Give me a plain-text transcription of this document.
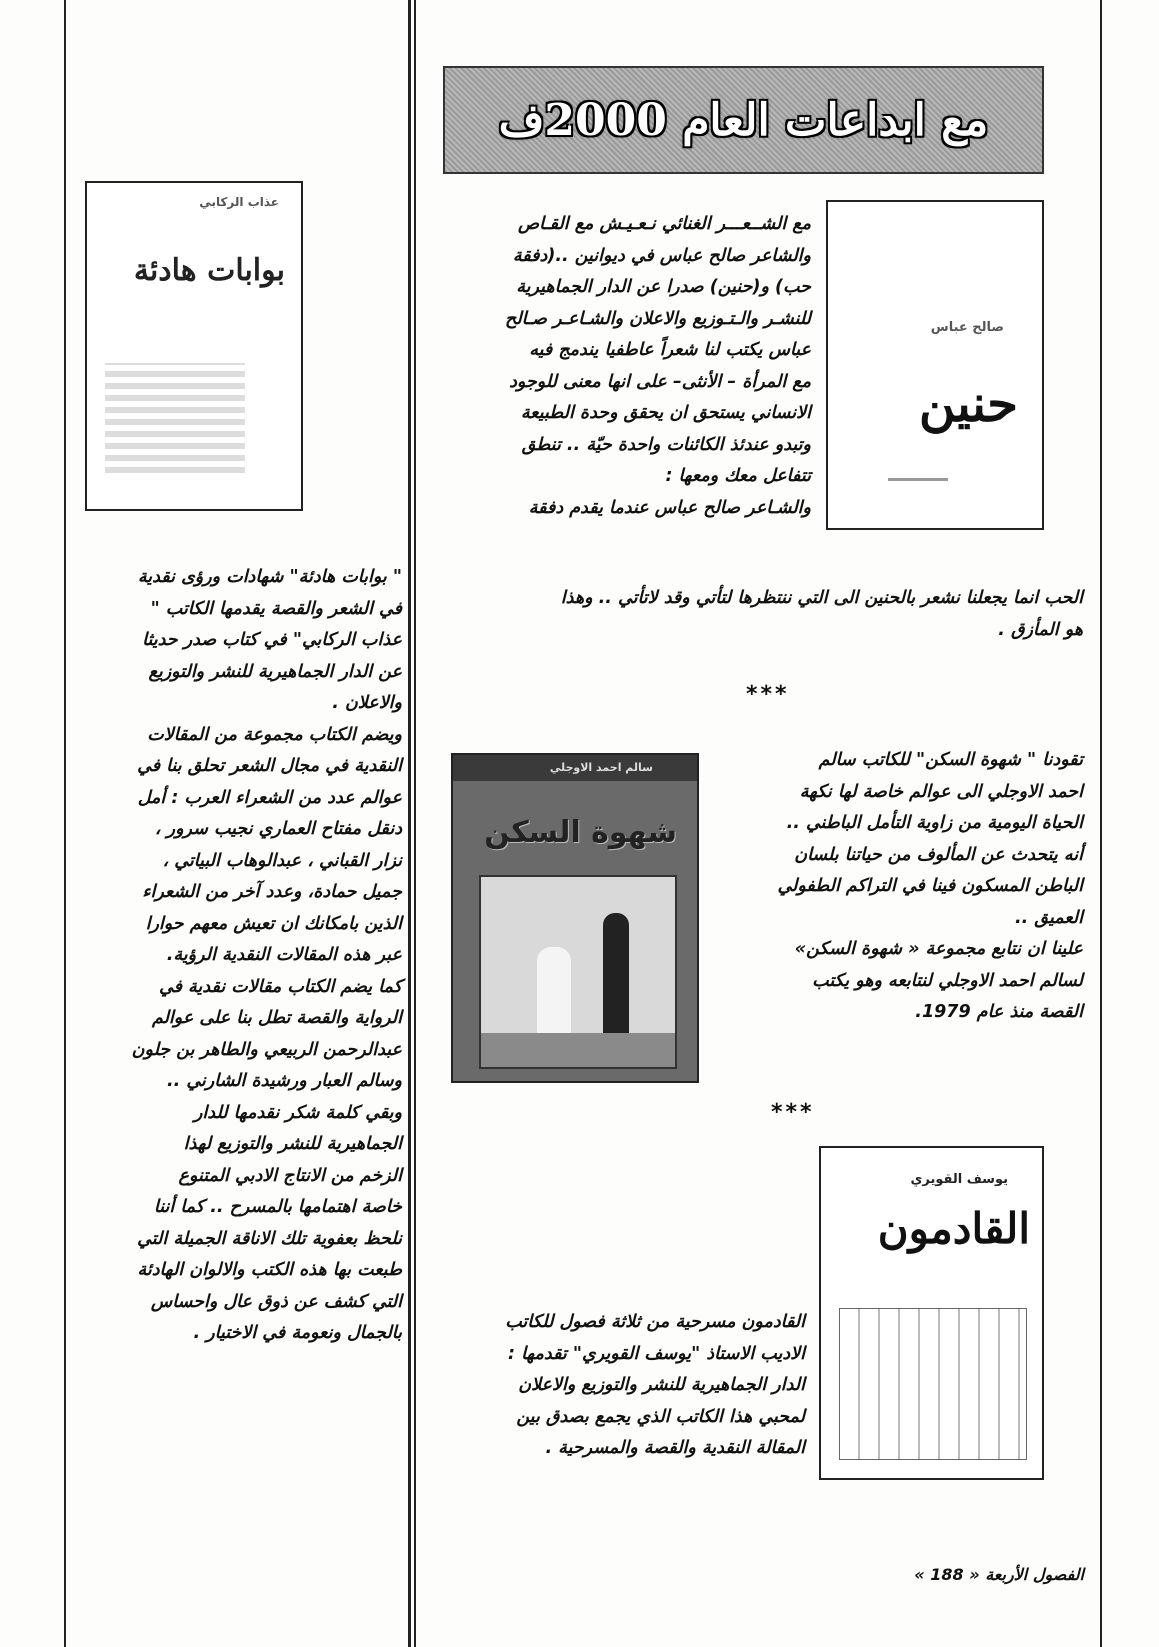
مع ابداعات العام 2000ف
صالح عباس
حنين
مع الشــعـــر الغنائي نـعـيـش مع القـاص
والشاعر صالح عباس في ديوانين ..(دفقة
حب) و(حنين) صدرا عن الدار الجماهيرية
للنشـر والـتـوزيع والاعلان والشـاعـر صـالح
عباس يكتب لنا شعراً عاطفيا يندمج فيه
مع المرأة – الأنثى– على انها معنى للوجود
الانساني يستحق ان يحقق وحدة الطبيعة
وتبدو عندئذ الكائنات واحدة حيّة .. تنطق
تتفاعل معك ومعها :
والشـاعر صالح عباس عندما يقدم دفقة
الحب انما يجعلنا نشعر بالحنين الى التي ننتظرها لتأتي وقد لاتأتي .. وهذا
هو المأزق .
***
سالم احمد الاوجلي
شهوة السكن
تقودنا " شهوة السكن" للكاتب سالم
احمد الاوجلي الى عوالم خاصة لها نكهة
الحياة اليومية من زاوية التأمل الباطني ..
أنه يتحدث عن المألوف من حياتنا بلسان
الباطن المسكون فينا في التراكم الطفولي
العميق ..
علينا ان نتابع مجموعة « شهوة السكن»
لسالم احمد الاوجلي لنتابعه وهو يكتب
القصة منذ عام 1979.
***
يوسف القويري
القادمون
القادمون مسرحية من ثلاثة فصول للكاتب
الاديب الاستاذ "يوسف القويري" تقدمها :
الدار الجماهيرية للنشر والتوزيع والاعلان
لمحبي هذا الكاتب الذي يجمع بصدق بين
المقالة النقدية والقصة والمسرحية .
عذاب الركابي
بوابات هادئة
" بوابات هادئة" شهادات ورؤى نقدية
في الشعر والقصة يقدمها الكاتب "
عذاب الركابي" في كتاب صدر حديثا
عن الدار الجماهيرية للنشر والتوزيع
والاعلان .
ويضم الكتاب مجموعة من المقالات
النقدية في مجال الشعر تحلق بنا في
عوالم عدد من الشعراء العرب : أمل
دنقل مفتاح العماري نجيب سرور ،
نزار القباني ، عبدالوهاب البياتي ،
جميل حمادة، وعدد آخر من الشعراء
الذين بامكانك ان تعيش معهم حوارا
عبر هذه المقالات النقدية الرؤية.
كما يضم الكتاب مقالات نقدية في
الرواية والقصة تطل بنا على عوالم
عبدالرحمن الربيعي والطاهر بن جلون
وسالم العبار ورشيدة الشارني ..
وبقي كلمة شكر نقدمها للدار
الجماهيرية للنشر والتوزيع لهذا
الزخم من الانتاج الادبي المتنوع
خاصة اهتمامها بالمسرح .. كما أننا
نلحظ بعفوية تلك الاناقة الجميلة التي
طبعت بها هذه الكتب والالوان الهادئة
التي كشف عن ذوق عال واحساس
بالجمال ونعومة في الاختيار .
الفصول الأربعة « 188 »
